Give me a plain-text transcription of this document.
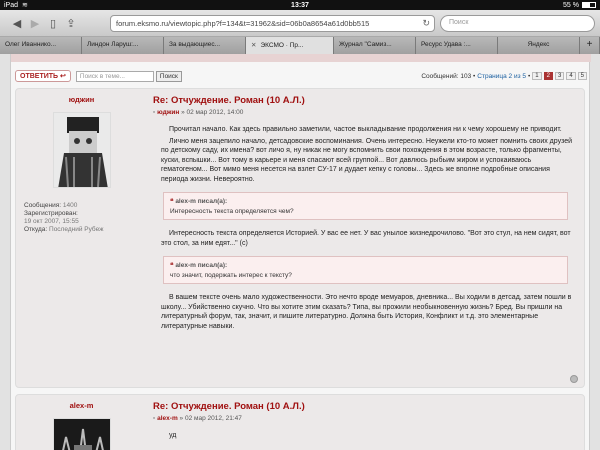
iPad ≋	13:37	55 %
◀ ▶ ▯ ⇪	forum.eksmo.ru/viewtopic.php?f=134&t=31962&sid=06b0a8654a61d0bb515	↻	Поиск
Олег Иваннико...	Линдон Ларуш:...	За выдающиес...	✕ ЭКСМО · Пр...	Журнал "Самиз...	Ресурс Удава :...	Яндекс	+
ОТВЕТИТЬ ↩	Поиск в теме...	Поиск	Сообщений: 103 • Страница 2 из 5 • 1	2	3	4	5
юджин
Сообщения: 1400
Зарегистрирован:
19 окт 2007, 15:55
Откуда: Последний Рубеж
Re: Отчуждение. Роман (10 А.Л.)
▫ юджин » 02 мар 2012, 14:00

Прочитал начало. Как здесь правильно заметили, частое выкладывание продолжения ни к чему хорошему не приводит.

Лично меня зацепило начало, детсадовские воспоминания. Очень интересно. Неужели кто-то может помнить своих друзей по детскому саду, их имена? вот личо я, ну никак не могу вспомнить свои похождения в этом возрасте, только фрагменты, куски, вспышки... Вот тому в карьере и меня спасают всей группой... Вот давлюсь рыбьим жиром и успокаиваюсь гематогеном... Вот мимо меня несется на взлет СУ-17 и дудает кепку с головы... Здесь же вполне подробные описания периода жизни. Невероятно.

❝ alex-m писал(а):
Интересность текста определяется чем?

Интересность текста определяется Историей. У вас ее нет. У вас унылое жизнедрочилово. "Вот это стул, на нем сидят, вот это стол, за ним едят..." (с)

❝ alex-m писал(а):
что значит, подержать интерес к тексту?

В вашем тексте очень мало художественности. Это нечто вроде мемуаров, дневника... Вы ходили в детсад, затем пошли в школу... Убийственно скучно. Что вы хотите этим сказать? Типа, вы прожили необыкновенную жизнь? Бред. Вы пришли на литературный форум, так, значит, и пишите литературно. Должна быть История, Конфликт и т.д. это элементарные литературные навыки.

alex-m	Re: Отчуждение. Роман (10 А.Л.)
▫ alex-m » 02 мар 2012, 21:47

уд
